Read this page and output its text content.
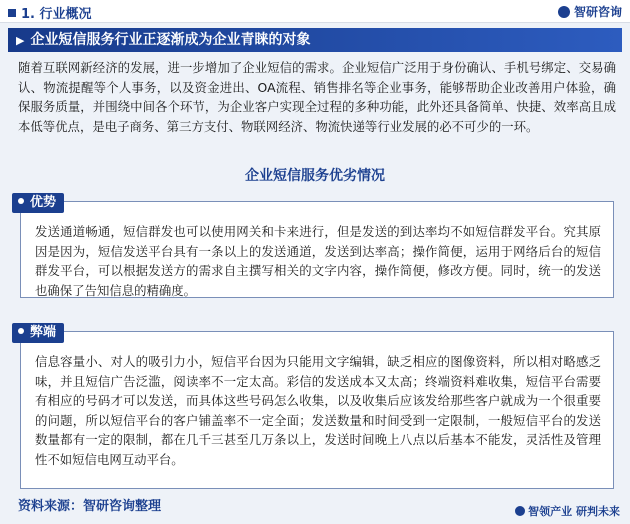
1. 行业概况	智研咨询
▶ 企业短信服务行业正逐渐成为企业青睐的对象
随着互联网新经济的发展，进一步增加了企业短信的需求。企业短信广泛用于身份确认、手机号绑定、交易确认、物流提醒等个人事务，以及资金进出、OA流程、销售排名等企业事务，能够帮助企业改善用户体验，确保服务质量，并围绕中间各个环节，为企业客户实现全过程的多种功能，此外还具备简单、快捷、效率高且成本低等优点，是电子商务、第三方支付、物联网经济、物流快递等行业发展的必不可少的一环。
企业短信服务优劣情况
发送通道畅通，短信群发也可以使用网关和卡来进行，但是发送的到达率均不如短信群发平台。究其原因是因为，短信发送平台具有一条以上的发送通道，发送到达率高；操作简便，运用于网络后台的短信群发平台，可以根据发送方的需求自主撰写相关的文字内容，操作简便，修改方便。同时，统一的发送也确保了告知信息的精确度。
优势
信息容量小、对人的吸引力小，短信平台因为只能用文字编辑，缺乏相应的图像资料，所以相对略感乏味，并且短信广告泛滥，阅读率不一定太高。彩信的发送成本又太高；终端资料难收集，短信平台需要有相应的号码才可以发送，而具体这些号码怎么收集，以及收集后应该发给那些客户就成为一个很重要的问题，所以短信平台的客户铺盖率不一定全面；发送数量和时间受到一定限制，一般短信平台的发送数量都有一定的限制，都在几千三甚至几万条以上，发送时间晚上八点以后基本不能发，灵活性及管理性不如短信电网互动平台。
弊端
资料来源：智研咨询整理	智领产业 研判未来
